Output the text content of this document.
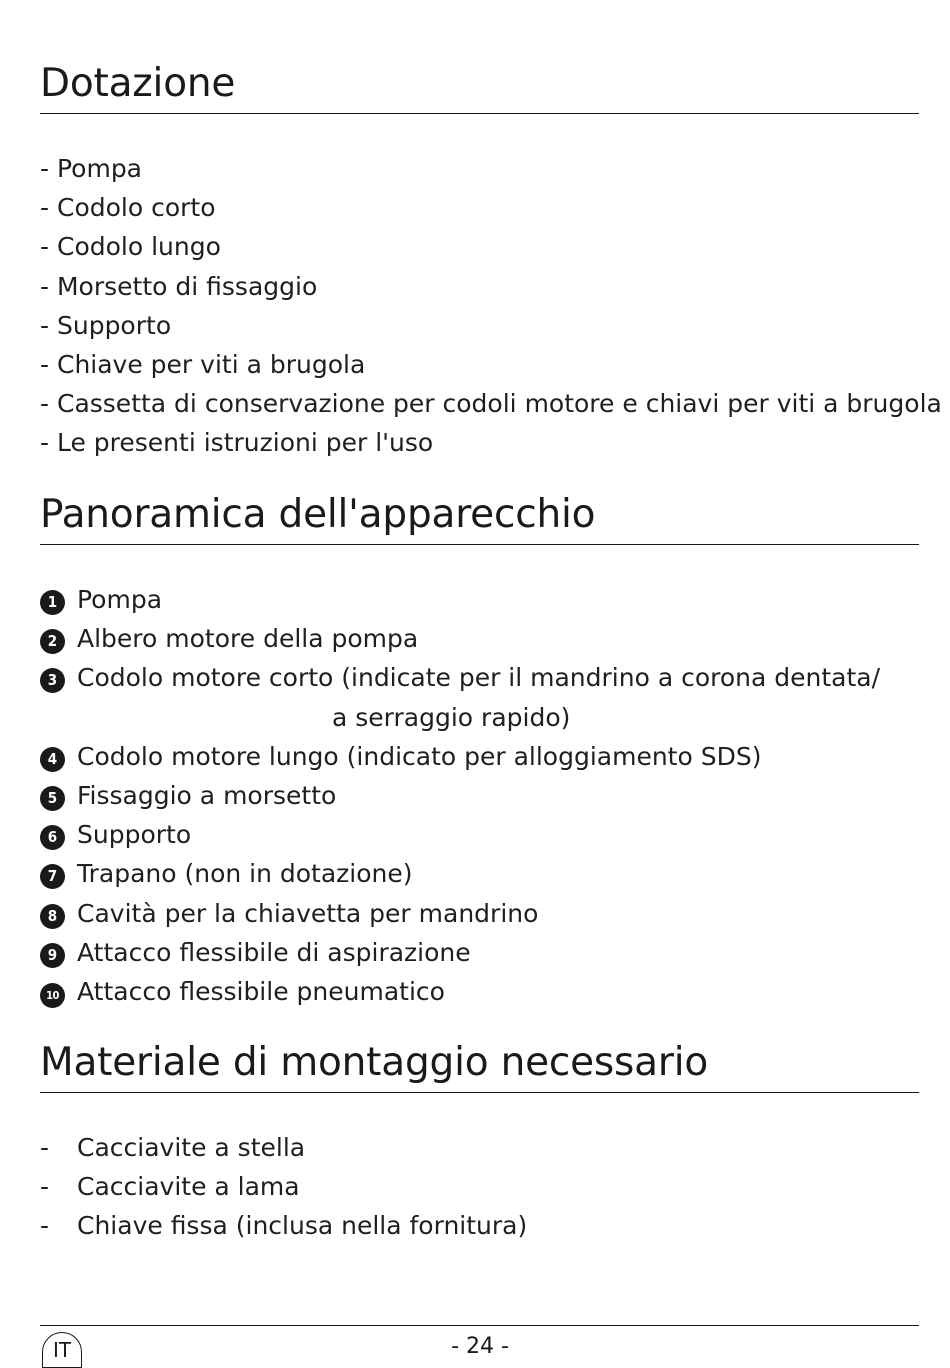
Dotazione
- Pompa
- Codolo corto
- Codolo lungo
- Morsetto di fissaggio
- Supporto
- Chiave per viti a brugola
- Cassetta di conservazione per codoli motore e chiavi per viti a brugola
- Le presenti istruzioni per l'uso
Panoramica dell'apparecchio
1 Pompa
2 Albero motore della pompa
3 Codolo motore corto (indicate per il mandrino a corona dentata/
a serraggio rapido)
4 Codolo motore lungo (indicato per alloggiamento SDS)
5 Fissaggio a morsetto
6 Supporto
7 Trapano (non in dotazione)
8 Cavità per la chiavetta per mandrino
9 Attacco flessibile di aspirazione
10 Attacco flessibile pneumatico
Materiale di montaggio necessario
- Cacciavite a stella
- Cacciavite a lama
- Chiave fissa (inclusa nella fornitura)
IT	- 24 -
